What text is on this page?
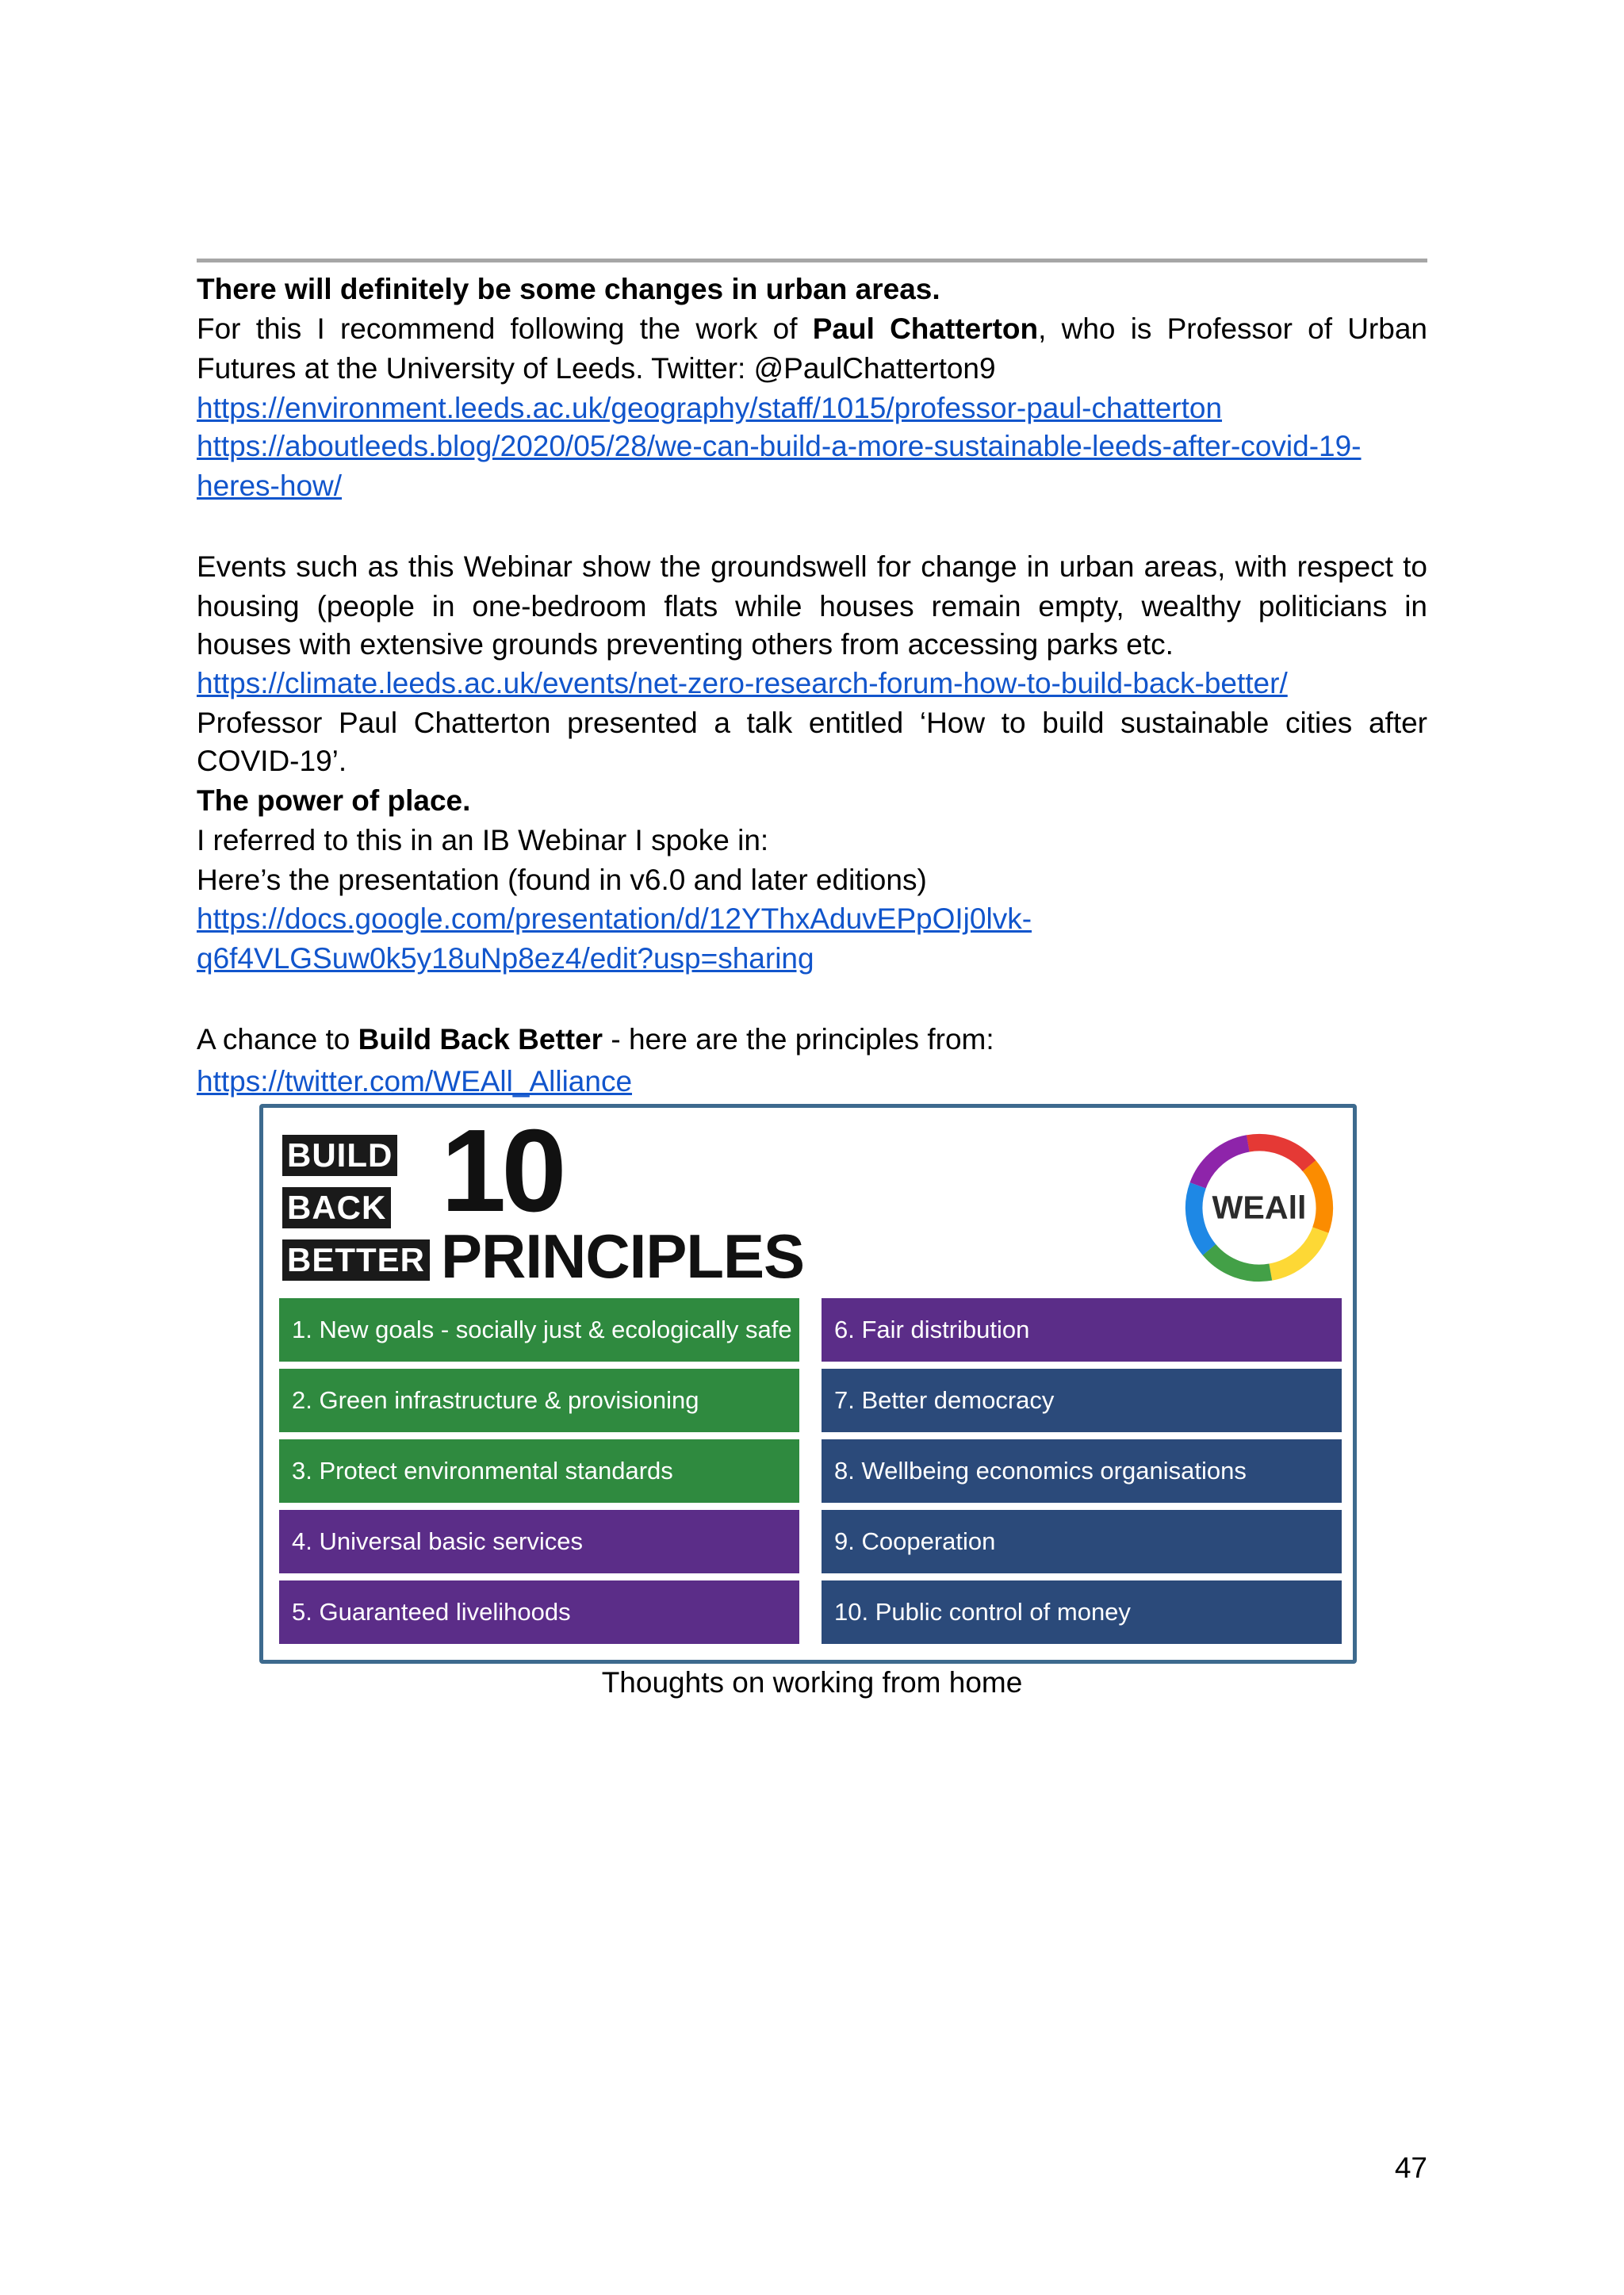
There will definitely be some changes in urban areas.
For this I recommend following the work of Paul Chatterton, who is Professor of Urban
Futures at the University of Leeds. Twitter: @PaulChatterton9
https://environment.leeds.ac.uk/geography/staff/1015/professor-paul-chatterton
https://aboutleeds.blog/2020/05/28/we-can-build-a-more-sustainable-leeds-after-covid-19-
heres-how/
Events such as this Webinar show the groundswell for change in urban areas, with respect to
housing (people in one-bedroom flats while houses remain empty, wealthy politicians in
houses with extensive grounds preventing others from accessing parks etc.
https://climate.leeds.ac.uk/events/net-zero-research-forum-how-to-build-back-better/
Professor Paul Chatterton presented a talk entitled ‘How to build sustainable cities after
COVID-19’.
The power of place.
I referred to this in an IB Webinar I spoke in:
Here’s the presentation (found in v6.0 and later editions)
https://docs.google.com/presentation/d/12YThxAduvEPpOIj0lvk-
q6f4VLGSuw0k5y18uNp8ez4/edit?usp=sharing
A chance to Build Back Better - here are the principles from:
https://twitter.com/WEAll_Alliance
BUILD
BACK
BETTER
10
PRINCIPLES
WEAll
1. New goals - socially just & ecologically safe
2. Green infrastructure & provisioning
3. Protect environmental standards
4. Universal basic services
5. Guaranteed livelihoods
6. Fair distribution
7. Better democracy
8. Wellbeing economics organisations
9. Cooperation
10. Public control of money
Thoughts on working from home
47
